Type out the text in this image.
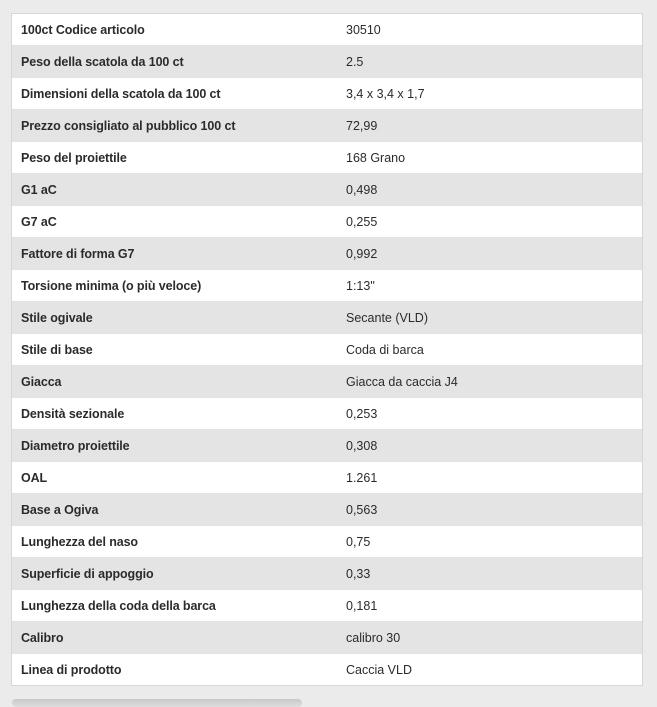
100ct Codice articolo	30510
Peso della scatola da 100 ct	2.5
Dimensioni della scatola da 100 ct	3,4 x 3,4 x 1,7
Prezzo consigliato al pubblico 100 ct	72,99
Peso del proiettile	168 Grano
G1 aC	0,498
G7 aC	0,255
Fattore di forma G7	0,992
Torsione minima (o più veloce)	1:13"
Stile ogivale	Secante (VLD)
Stile di base	Coda di barca
Giacca	Giacca da caccia J4
Densità sezionale	0,253
Diametro proiettile	0,308
OAL	1.261
Base a Ogiva	0,563
Lunghezza del naso	0,75
Superficie di appoggio	0,33
Lunghezza della coda della barca	0,181
Calibro	calibro 30
Linea di prodotto	Caccia VLD
